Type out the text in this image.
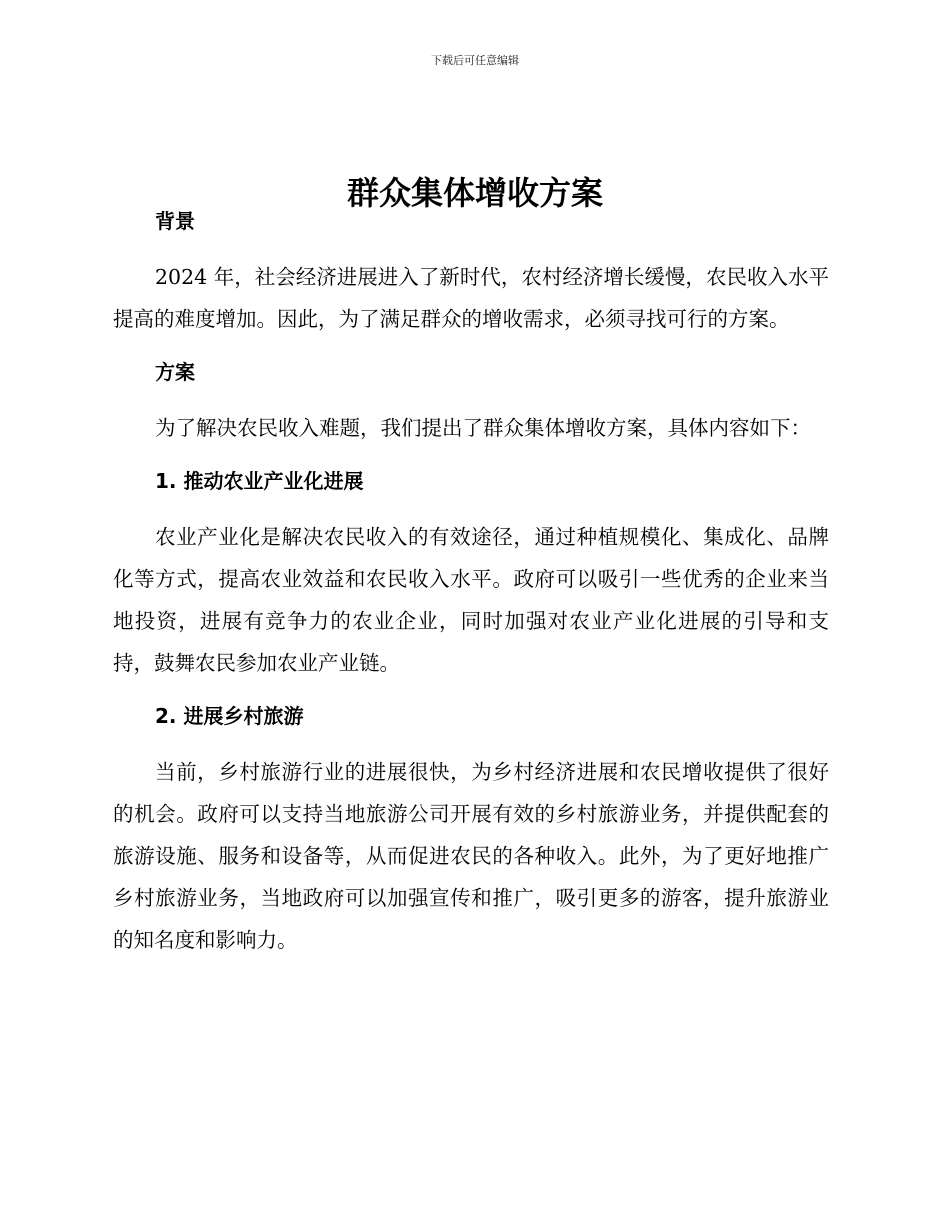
下载后可任意编辑
群众集体增收方案
背景

2024 年，社会经济进展进入了新时代，农村经济增长缓慢，农民收入水平提高的难度增加。因此，为了满足群众的增收需求，必须寻找可行的方案。

方案

为了解决农民收入难题，我们提出了群众集体增收方案，具体内容如下：

1. 推动农业产业化进展

农业产业化是解决农民收入的有效途径，通过种植规模化、集成化、品牌化等方式，提高农业效益和农民收入水平。政府可以吸引一些优秀的企业来当地投资，进展有竞争力的农业企业，同时加强对农业产业化进展的引导和支持，鼓舞农民参加农业产业链。

2. 进展乡村旅游

当前，乡村旅游行业的进展很快，为乡村经济进展和农民增收提供了很好的机会。政府可以支持当地旅游公司开展有效的乡村旅游业务，并提供配套的旅游设施、服务和设备等，从而促进农民的各种收入。此外，为了更好地推广乡村旅游业务，当地政府可以加强宣传和推广，吸引更多的游客，提升旅游业的知名度和影响力。
